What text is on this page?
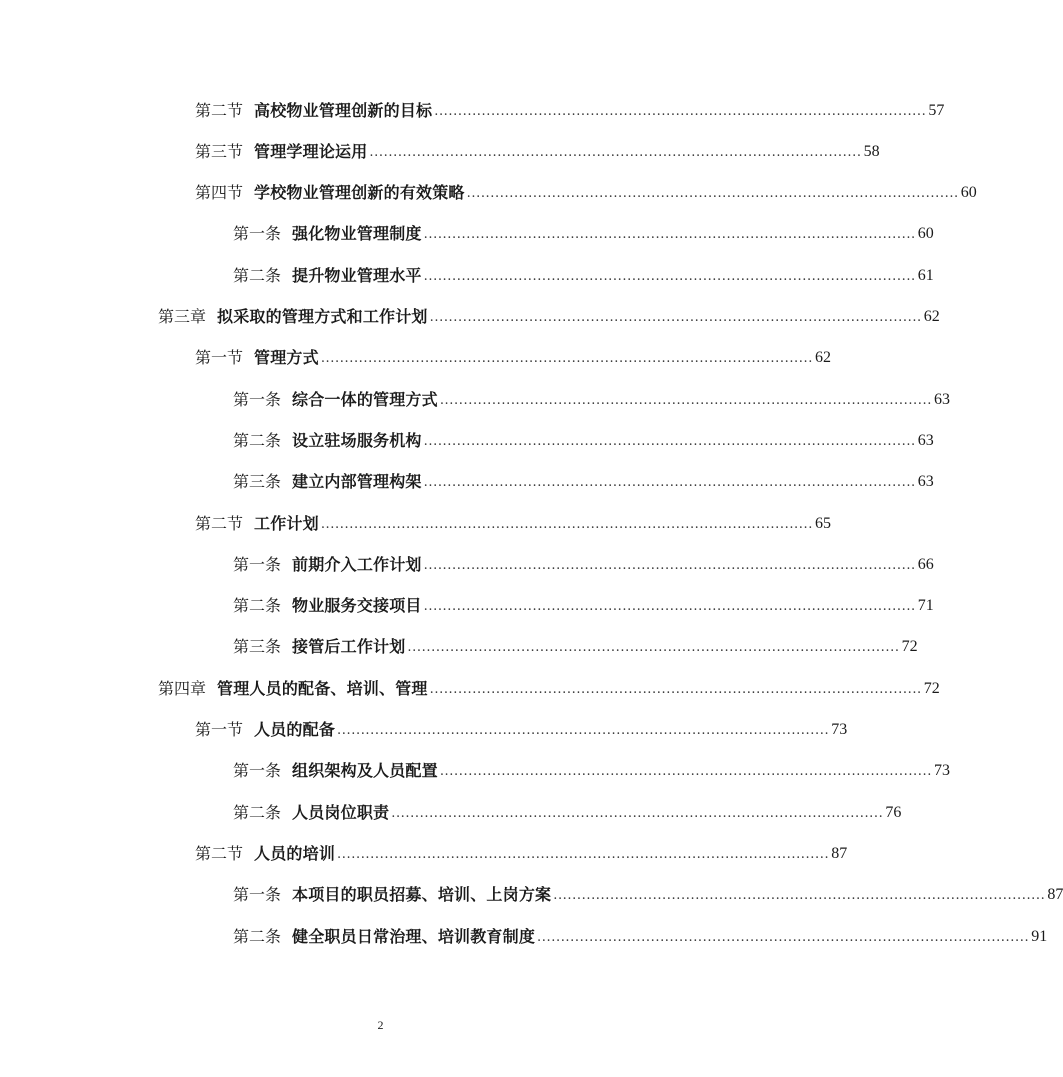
第二节 高校物业管理创新的目标 ........................................................................................................ 57
第三节 管理学理论运用 ........................................................................................................ 58
第四节 学校物业管理创新的有效策略 ........................................................................................................ 60
第一条 强化物业管理制度 ........................................................................................................ 60
第二条 提升物业管理水平 ........................................................................................................ 61
第三章 拟采取的管理方式和工作计划 ........................................................................................................ 62
第一节 管理方式 ........................................................................................................ 62
第一条 综合一体的管理方式 ........................................................................................................ 63
第二条 设立驻场服务机构 ........................................................................................................ 63
第三条 建立内部管理构架 ........................................................................................................ 63
第二节 工作计划 ........................................................................................................ 65
第一条 前期介入工作计划 ........................................................................................................ 66
第二条 物业服务交接项目 ........................................................................................................ 71
第三条 接管后工作计划 ........................................................................................................ 72
第四章 管理人员的配备、培训、管理 ........................................................................................................ 72
第一节 人员的配备 ........................................................................................................ 73
第一条 组织架构及人员配置 ........................................................................................................ 73
第二条 人员岗位职责 ........................................................................................................ 76
第二节 人员的培训 ........................................................................................................ 87
第一条 本项目的职员招募、培训、上岗方案 ........................................................................................................ 87
第二条 健全职员日常治理、培训教育制度 ........................................................................................................ 91
2
